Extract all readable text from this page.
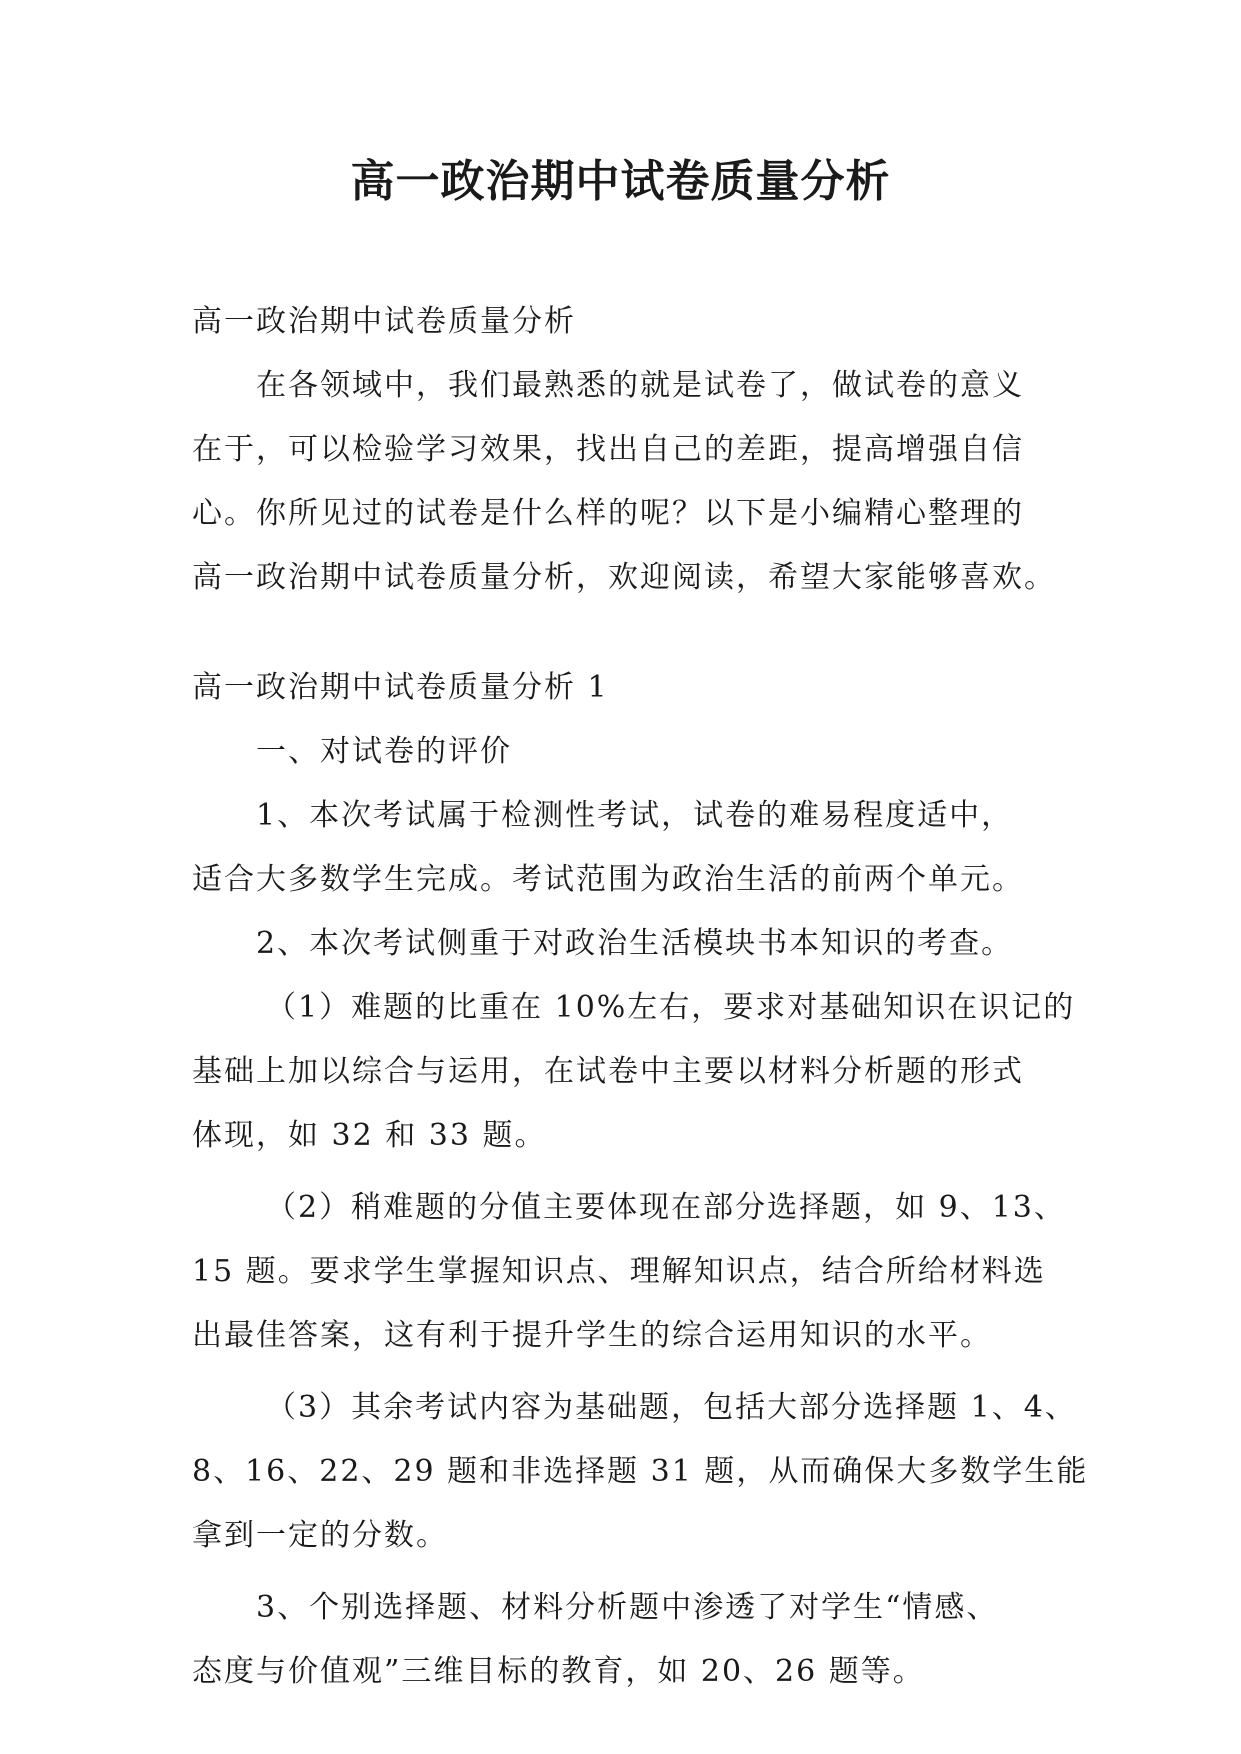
高一政治期中试卷质量分析

高一政治期中试卷质量分析

在各领域中，我们最熟悉的就是试卷了，做试卷的意义

在于，可以检验学习效果，找出自己的差距，提高增强自信

心。你所见过的试卷是什么样的呢？以下是小编精心整理的

高一政治期中试卷质量分析，欢迎阅读，希望大家能够喜欢。

高一政治期中试卷质量分析 1

一、对试卷的评价

1、本次考试属于检测性考试，试卷的难易程度适中，

适合大多数学生完成。考试范围为政治生活的前两个单元。

2、本次考试侧重于对政治生活模块书本知识的考查。

（1）难题的比重在 10%左右，要求对基础知识在识记的

基础上加以综合与运用，在试卷中主要以材料分析题的形式

体现，如 32 和 33 题。

（2）稍难题的分值主要体现在部分选择题，如 9、13、

15 题。要求学生掌握知识点、理解知识点，结合所给材料选

出最佳答案，这有利于提升学生的综合运用知识的水平。

（3）其余考试内容为基础题，包括大部分选择题 1、4、

8、16、22、29 题和非选择题 31 题，从而确保大多数学生能

拿到一定的分数。

3、个别选择题、材料分析题中渗透了对学生“情感、

态度与价值观”三维目标的教育，如 20、26 题等。
